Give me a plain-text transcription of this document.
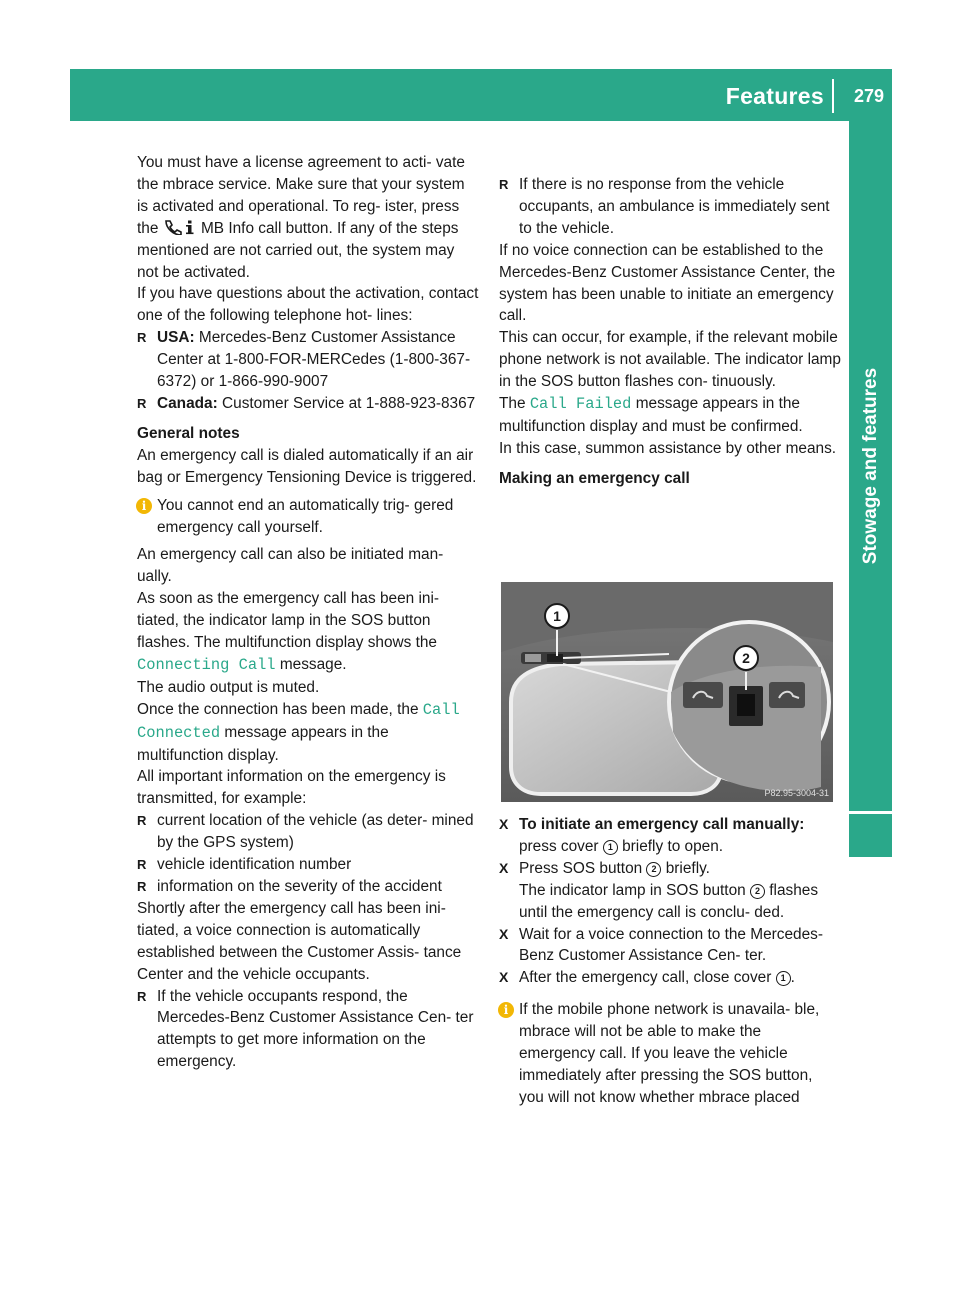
Features 279
Stowage and features

You must have a license agreement to acti- vate the mbrace service. Make sure that your system is activated and operational. To reg- ister, press the	MB Info call button. If any of the steps mentioned are not carried out, the system may not be activated.

If you have questions about the activation, contact one of the following telephone hot- lines:

R USA: Mercedes-Benz Customer Assistance Center at 1-800-FOR-MERCedes (1-800-367-6372) or 1-866-990-9007
R Canada: Customer Service at 1-888-923-8367

General notes

An emergency call is dialed automatically if an air bag or Emergency Tensioning Device is triggered.

i You cannot end an automatically trig- gered emergency call yourself.

An emergency call can also be initiated man- ually.

As soon as the emergency call has been ini- tiated, the indicator lamp in the SOS button flashes. The multifunction display shows the Connecting Call message.

The audio output is muted.

Once the connection has been made, the Call Connected message appears in the multifunction display.

All important information on the emergency is transmitted, for example:

R current location of the vehicle (as deter- mined by the GPS system)
R vehicle identification number
R information on the severity of the accident

Shortly after the emergency call has been ini- tiated, a voice connection is automatically established between the Customer Assis- tance Center and the vehicle occupants.

R If the vehicle occupants respond, the Mercedes-Benz Customer Assistance Cen- ter attempts to get more information on the emergency.
R If there is no response from the vehicle occupants, an ambulance is immediately sent to the vehicle.

If no voice connection can be established to the Mercedes-Benz Customer Assistance Center, the system has been unable to initiate an emergency call.

This can occur, for example, if the relevant mobile phone network is not available. The indicator lamp in the SOS button flashes con- tinuously.

The Call Failed message appears in the multifunction display and must be confirmed.

In this case, summon assistance by other means.

Making an emergency call

1
2
P82.95-3004-31
X To initiate an emergency call manually: press cover 1 briefly to open.
X Press SOS button 2 briefly.
The indicator lamp in SOS button 2 flashes until the emergency call is conclu- ded.
X Wait for a voice connection to the Mercedes-Benz Customer Assistance Cen- ter.
X After the emergency call, close cover 1 .
i If the mobile phone network is unavaila- ble, mbrace will not be able to make the emergency call. If you leave the vehicle immediately after pressing the SOS button, you will not know whether mbrace placed
